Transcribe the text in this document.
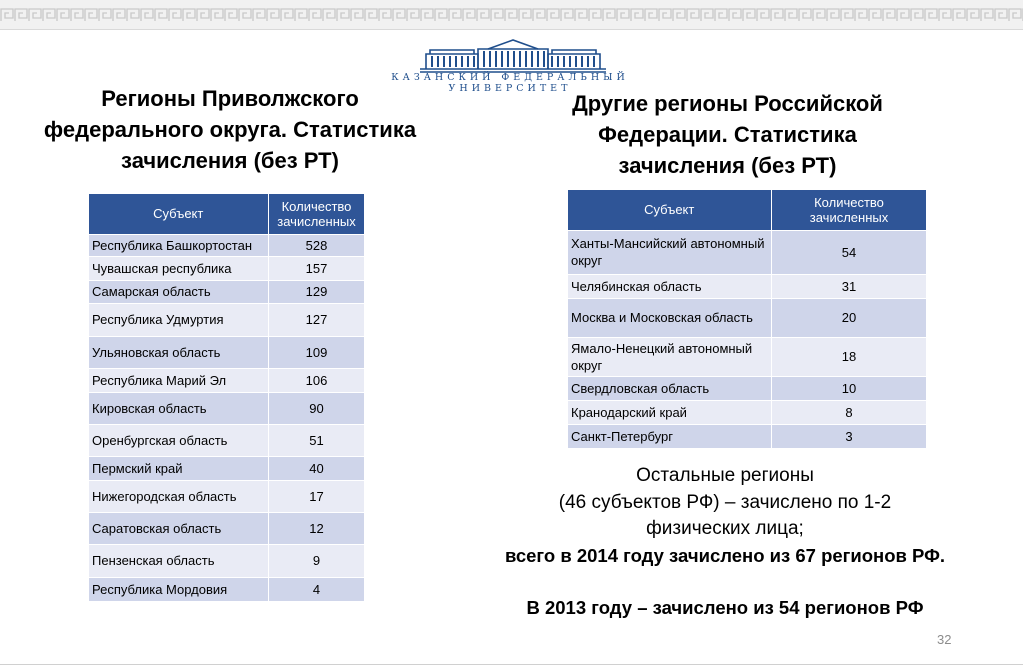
КАЗАНСКИЙ ФЕДЕРАЛЬНЫЙ УНИВЕРСИТЕТ
Регионы Приволжского
федерального округа. Статистика
зачисления (без РТ)
Другие регионы Российской
Федерации. Статистика
зачисления (без РТ)
Субъект	Количество зачисленных
Республика Башкортостан	528
Чувашская республика	157
Самарская область	129
Республика Удмуртия	127
Ульяновская область	109
Республика Марий Эл	106
Кировская область	90
Оренбургская область	51
Пермский край	40
Нижегородская область	17
Саратовская область	12
Пензенская область	9
Республика Мордовия	4
Субъект	Количество зачисленных
Ханты-Мансийский автономный округ	54
Челябинская область	31
Москва и Московская область	20
Ямало-Ненецкий автономный округ	18
Свердловская область	10
Кранодарский край	8
Санкт-Петербург	3
Остальные регионы
(46 субъектов РФ) – зачислено по 1-2
физических лица;
всего в 2014 году зачислено из 67 регионов РФ.
В 2013 году – зачислено из 54 регионов РФ
32
